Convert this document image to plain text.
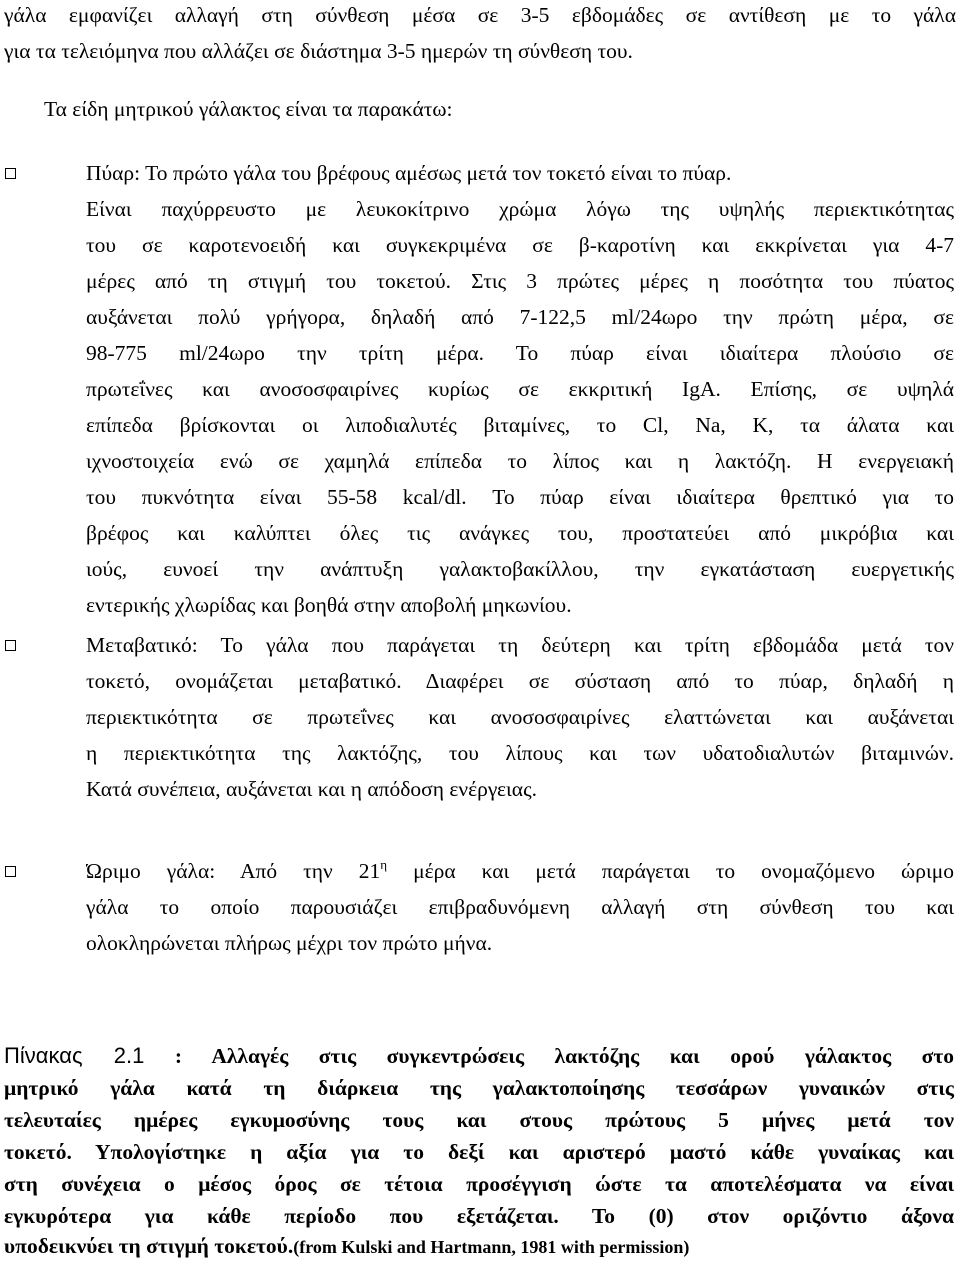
γάλα εμφανίζει αλλαγή στη σύνθεση μέσα σε 3-5 εβδομάδες σε αντίθεση με το γάλα
για τα τελειόμηνα που αλλάζει σε διάστημα 3-5 ημερών τη σύνθεση του.
Τα είδη μητρικού γάλακτος είναι τα παρακάτω:
Πύαρ: Το πρώτο γάλα του βρέφους αμέσως μετά τον τοκετό είναι το πύαρ.
Είναι παχύρρευστο με λευκοκίτρινο χρώμα λόγω της υψηλής περιεκτικότητας
του σε καροτενοειδή και συγκεκριμένα σε β-καροτίνη και εκκρίνεται για 4-7
μέρες από τη στιγμή του τοκετού. Στις 3 πρώτες μέρες η ποσότητα του πύατος
αυξάνεται πολύ γρήγορα, δηλαδή από 7-122,5 ml/24ωρο την πρώτη μέρα, σε
98-775 ml/24ωρο την τρίτη μέρα. Το πύαρ είναι ιδιαίτερα πλούσιο σε
πρωτεΐνες και ανοσοσφαιρίνες κυρίως σε εκκριτική IgA. Επίσης, σε υψηλά
επίπεδα βρίσκονται οι λιποδιαλυτές βιταμίνες, το Cl, Na, K, τα άλατα και
ιχνοστοιχεία ενώ σε χαμηλά επίπεδα το λίπος και η λακτόζη. Η ενεργειακή
του πυκνότητα είναι 55-58 kcal/dl. Το πύαρ είναι ιδιαίτερα θρεπτικό για το
βρέφος και καλύπτει όλες τις ανάγκες του, προστατεύει από μικρόβια και
ιούς, ευνοεί την ανάπτυξη γαλακτοβακίλλου, την εγκατάσταση ευεργετικής
εντερικής χλωρίδας και βοηθά στην αποβολή μηκωνίου.
Μεταβατικό: Το γάλα που παράγεται τη δεύτερη και τρίτη εβδομάδα μετά τον
τοκετό, ονομάζεται μεταβατικό. Διαφέρει σε σύσταση από το πύαρ, δηλαδή η
περιεκτικότητα σε πρωτεΐνες και ανοσοσφαιρίνες ελαττώνεται και αυξάνεται
η περιεκτικότητα της λακτόζης, του λίπους και των υδατοδιαλυτών βιταμινών.
Κατά συνέπεια, αυξάνεται και η απόδοση ενέργειας.
Ώριμο γάλα: Από την $21^\eta$ μέρα και μετά παράγεται το ονομαζόμενο ώριμο
γάλα το οποίο παρουσιάζει επιβραδυνόμενη αλλαγή στη σύνθεση του και
ολοκληρώνεται πλήρως μέχρι τον πρώτο μήνα.
Πίνακας 2.1 : Αλλαγές στις συγκεντρώσεις λακτόζης και ορού γάλακτος στο
μητρικό γάλα κατά τη διάρκεια της γαλακτοποίησης τεσσάρων γυναικών στις
τελευταίες ημέρες εγκυμοσύνης τους και στους πρώτους 5 μήνες μετά τον
τοκετό. Υπολογίστηκε η αξία για το δεξί και αριστερό μαστό κάθε γυναίκας και
στη συνέχεια ο μέσος όρος σε τέτοια προσέγγιση ώστε τα αποτελέσματα να είναι
εγκυρότερα για κάθε περίοδο που εξετάζεται. Το (0) στον οριζόντιο άξονα
υποδεικνύει τη στιγμή τοκετού.(from Kulski and Hartmann, 1981 with permission)
